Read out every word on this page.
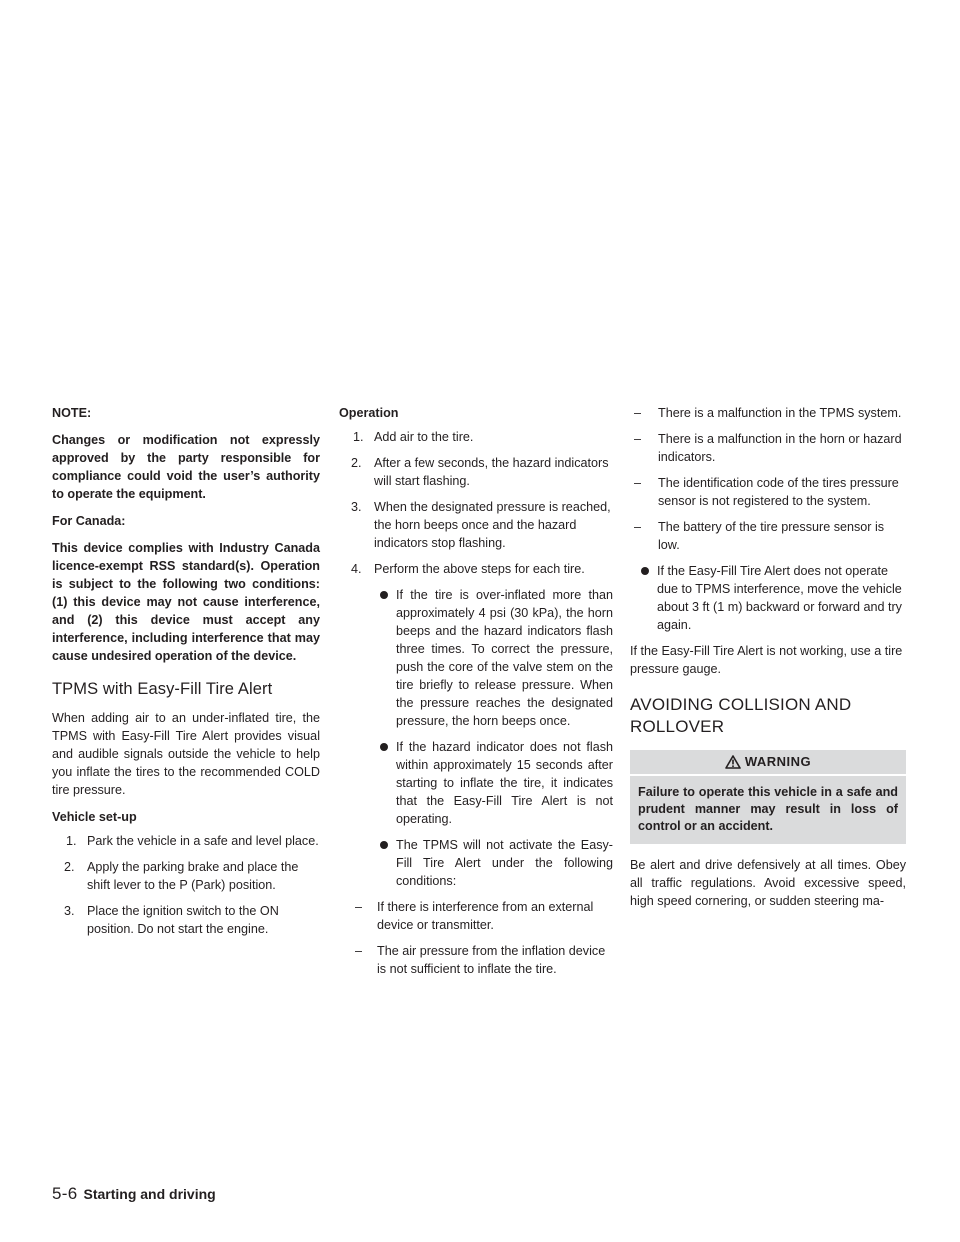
NOTE:

Changes or modification not expressly approved by the party responsible for compliance could void the user’s authority to operate the equipment.

For Canada:

This device complies with Industry Canada licence-exempt RSS standard(s). Operation is subject to the following two conditions: (1) this device may not cause interference, and (2) this device must accept any interference, including interference that may cause undesired operation of the device.

TPMS with Easy-Fill Tire Alert

When adding air to an under-inflated tire, the TPMS with Easy-Fill Tire Alert provides visual and audible signals outside the vehicle to help you inflate the tires to the recommended COLD tire pressure.

Vehicle set-up

1. Park the vehicle in a safe and level place.
2. Apply the parking brake and place the shift lever to the P (Park) position.
3. Place the ignition switch to the ON position. Do not start the engine.

Operation

1. Add air to the tire.
2. After a few seconds, the hazard indicators will start flashing.
3. When the designated pressure is reached, the horn beeps once and the hazard indicators stop flashing.
4. Perform the above steps for each tire.
If the tire is over-inflated more than approximately 4 psi (30 kPa), the horn beeps and the hazard indicators flash three times. To correct the pressure, push the core of the valve stem on the tire briefly to release pressure. When the pressure reaches the designated pressure, the horn beeps once.
If the hazard indicator does not flash within approximately 15 seconds after starting to inflate the tire, it indicates that the Easy-Fill Tire Alert is not operating.
The TPMS will not activate the Easy-Fill Tire Alert under the following conditions:
– If there is interference from an external device or transmitter.
– The air pressure from the inflation device is not sufficient to inflate the tire.
– There is a malfunction in the TPMS system.
– There is a malfunction in the horn or hazard indicators.
– The identification code of the tires pressure sensor is not registered to the system.
– The battery of the tire pressure sensor is low.
If the Easy-Fill Tire Alert does not operate due to TPMS interference, move the vehicle about 3 ft (1 m) backward or forward and try again.

If the Easy-Fill Tire Alert is not working, use a tire pressure gauge.

AVOIDING COLLISION AND ROLLOVER
WARNING
Failure to operate this vehicle in a safe and prudent manner may result in loss of control or an accident.

Be alert and drive defensively at all times. Obey all traffic regulations. Avoid excessive speed, high speed cornering, or sudden steering ma-

5-6 Starting and driving
